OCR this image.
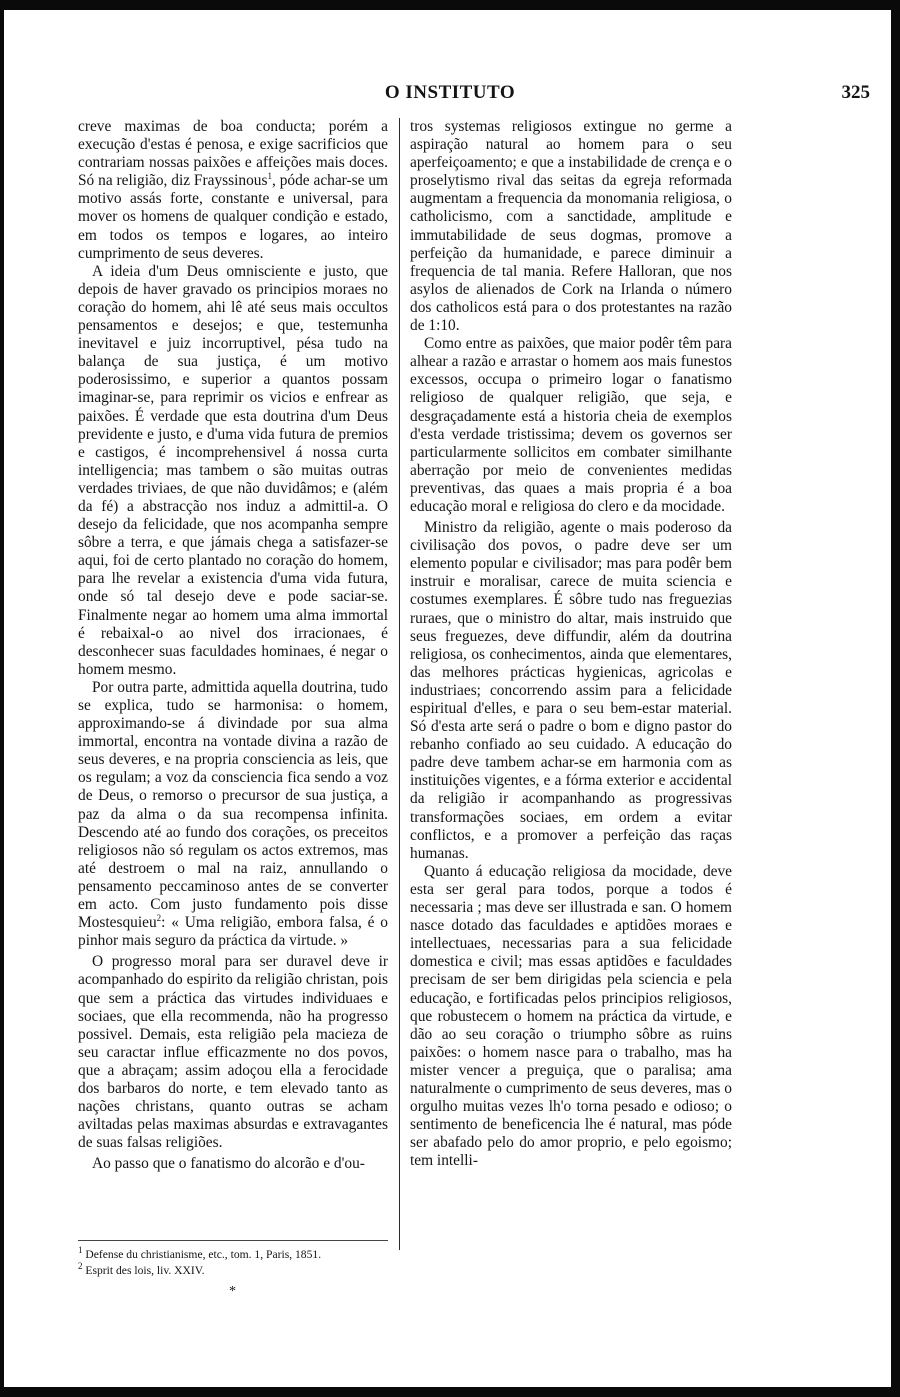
O INSTITUTO	325

creve maximas de boa conducta; porém a execução d'estas é penosa, e exige sacrificios que contrariam nossas paixões e affeições mais doces. Só na religião, diz Frayssinous$^1$, póde achar-se um motivo assás forte, constante e universal, para mover os homens de qualquer condição e estado, em todos os tempos e logares, ao inteiro cumprimento de seus deveres.

A ideia d'um Deus omnisciente e justo, que depois de haver gravado os principios moraes no coração do homem, ahi lê até seus mais occultos pensamentos e desejos; e que, testemunha inevitavel e juiz incorruptivel, pésa tudo na balança de sua justiça, é um motivo poderosissimo, e superior a quantos possam imaginar-se, para reprimir os vicios e enfrear as paixões. É verdade que esta doutrina d'um Deus previdente e justo, e d'uma vida futura de premios e castigos, é incomprehensivel á nossa curta intelligencia; mas tambem o são muitas outras verdades triviaes, de que não duvidâmos; e (além da fé) a abstracção nos induz a admittil-a. O desejo da felicidade, que nos acompanha sempre sôbre a terra, e que jámais chega a satisfazer-se aqui, foi de certo plantado no coração do homem, para lhe revelar a existencia d'uma vida futura, onde só tal desejo deve e pode saciar-se. Finalmente negar ao homem uma alma immortal é rebaixal-o ao nivel dos irracionaes, é desconhecer suas faculdades hominaes, é negar o homem mesmo.

Por outra parte, admittida aquella doutrina, tudo se explica, tudo se harmonisa: o homem, approximando-se á divindade por sua alma immortal, encontra na vontade divina a razão de seus deveres, e na propria consciencia as leis, que os regulam; a voz da consciencia fica sendo a voz de Deus, o remorso o precursor de sua justiça, a paz da alma o da sua recompensa infinita. Descendo até ao fundo dos corações, os preceitos religiosos não só regulam os actos extremos, mas até destroem o mal na raiz, annullando o pensamento peccaminoso antes de se converter em acto. Com justo fundamento pois disse Mostesquieu$^2$: « Uma religião, embora falsa, é o pinhor mais seguro da práctica da virtude. »

O progresso moral para ser duravel deve ir acompanhado do espirito da religião christan, pois que sem a práctica das virtudes individuaes e sociaes, que ella recommenda, não ha progresso possivel. Demais, esta religião pela macieza de seu caractar influe efficazmente no dos povos, que a abraçam; assim adoçou ella a ferocidade dos barbaros do norte, e tem elevado tanto as nações christans, quanto outras se acham aviltadas pelas maximas absurdas e extravagantes de suas falsas religiões.

Ao passo que o fanatismo do alcorão e d'ou-

tros systemas religiosos extingue no germe a aspiração natural ao homem para o seu aperfeiçoamento; e que a instabilidade de crença e o proselytismo rival das seitas da egreja reformada augmentam a frequencia da monomania religiosa, o catholicismo, com a sanctidade, amplitude e immutabilidade de seus dogmas, promove a perfeição da humanidade, e parece diminuir a frequencia de tal mania. Refere Halloran, que nos asylos de alienados de Cork na Irlanda o número dos catholicos está para o dos protestantes na razão de 1:10.

Como entre as paixões, que maior podêr têm para alhear a razão e arrastar o homem aos mais funestos excessos, occupa o primeiro logar o fanatismo religioso de qualquer religião, que seja, e desgraçadamente está a historia cheia de exemplos d'esta verdade tristissima; devem os governos ser particularmente sollicitos em combater similhante aberração por meio de convenientes medidas preventivas, das quaes a mais propria é a boa educação moral e religiosa do clero e da mocidade.

Ministro da religião, agente o mais poderoso da civilisação dos povos, o padre deve ser um elemento popular e civilisador; mas para podêr bem instruir e moralisar, carece de muita sciencia e costumes exemplares. É sôbre tudo nas freguezias ruraes, que o ministro do altar, mais instruido que seus freguezes, deve diffundir, além da doutrina religiosa, os conhecimentos, ainda que elementares, das melhores prácticas hygienicas, agricolas e industriaes; concorrendo assim para a felicidade espiritual d'elles, e para o seu bem-estar material. Só d'esta arte será o padre o bom e digno pastor do rebanho confiado ao seu cuidado. A educação do padre deve tambem achar-se em harmonia com as instituições vigentes, e a fórma exterior e accidental da religião ir acompanhando as progressivas transformações sociaes, em ordem a evitar conflictos, e a promover a perfeição das raças humanas.

Quanto á educação religiosa da mocidade, deve esta ser geral para todos, porque a todos é necessaria ; mas deve ser illustrada e san. O homem nasce dotado das faculdades e aptidões moraes e intellectuaes, necessarias para a sua felicidade domestica e civil; mas essas aptidões e faculdades precisam de ser bem dirigidas pela sciencia e pela educação, e fortificadas pelos principios religiosos, que robustecem o homem na práctica da virtude, e dão ao seu coração o triumpho sôbre as ruins paixões: o homem nasce para o trabalho, mas ha mister vencer a preguiça, que o paralisa; ama naturalmente o cumprimento de seus deveres, mas o orgulho muitas vezes lh'o torna pesado e odioso; o sentimento de beneficencia lhe é natural, mas póde ser abafado pelo do amor proprio, e pelo egoismo; tem intelli-

$^1$ Defense du christianisme, etc., tom. 1, Paris, 1851.
$^2$ Esprit des lois, liv. XXIV.
*
